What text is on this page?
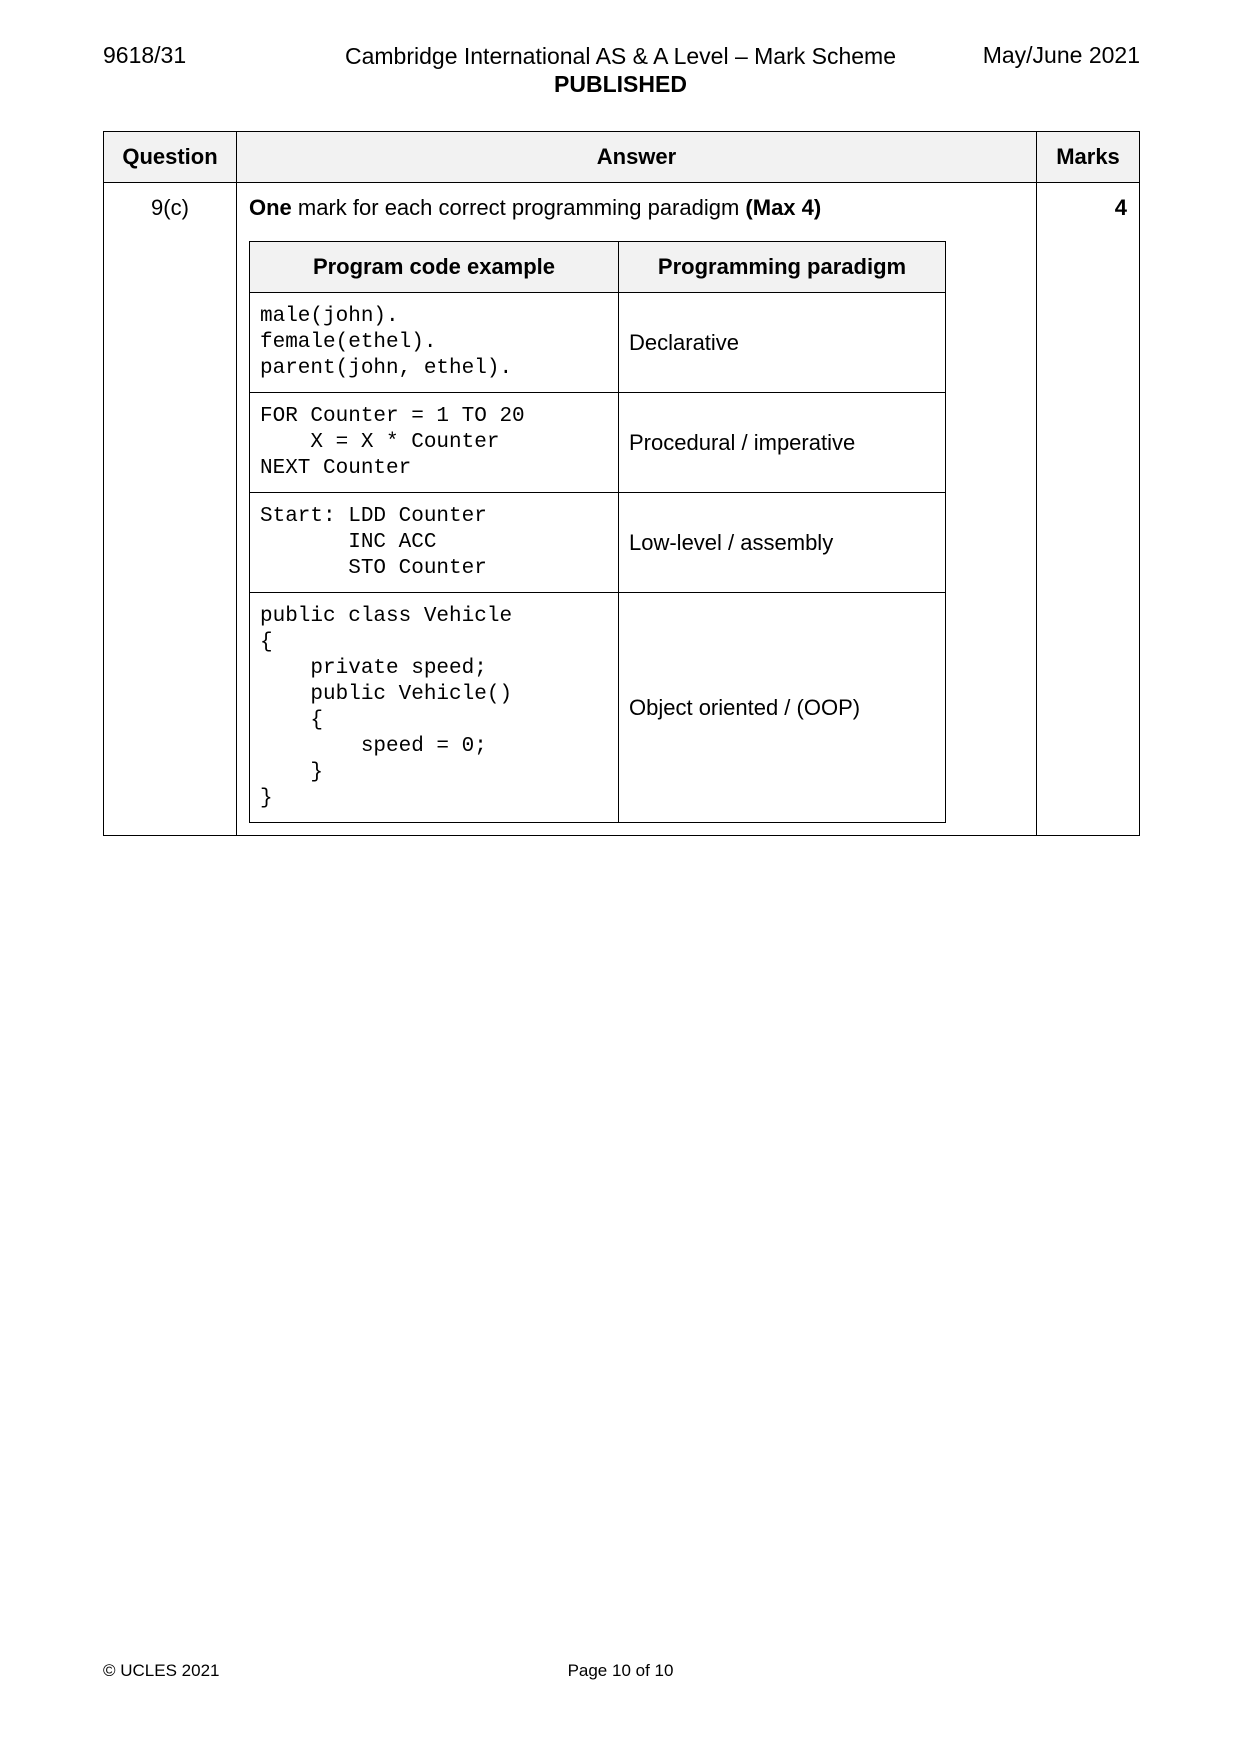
9618/31	Cambridge International AS & A Level – Mark Scheme
PUBLISHED
May/June 2021
Question	Answer	Marks
9(c)	One mark for each correct programming paradigm (Max 4)
Program code example	Programming paradigm
male(john).
female(ethel).
parent(john, ethel).	Declarative
FOR Counter = 1 TO 20
X = X * Counter
NEXT Counter	Procedural / imperative
Start: LDD Counter
INC ACC
STO Counter	Low-level / assembly
public class Vehicle
{
private speed;
public Vehicle()
{
speed = 0;
}
}	Object oriented / (OOP)
	4
© UCLES 2021	Page 10 of 10
